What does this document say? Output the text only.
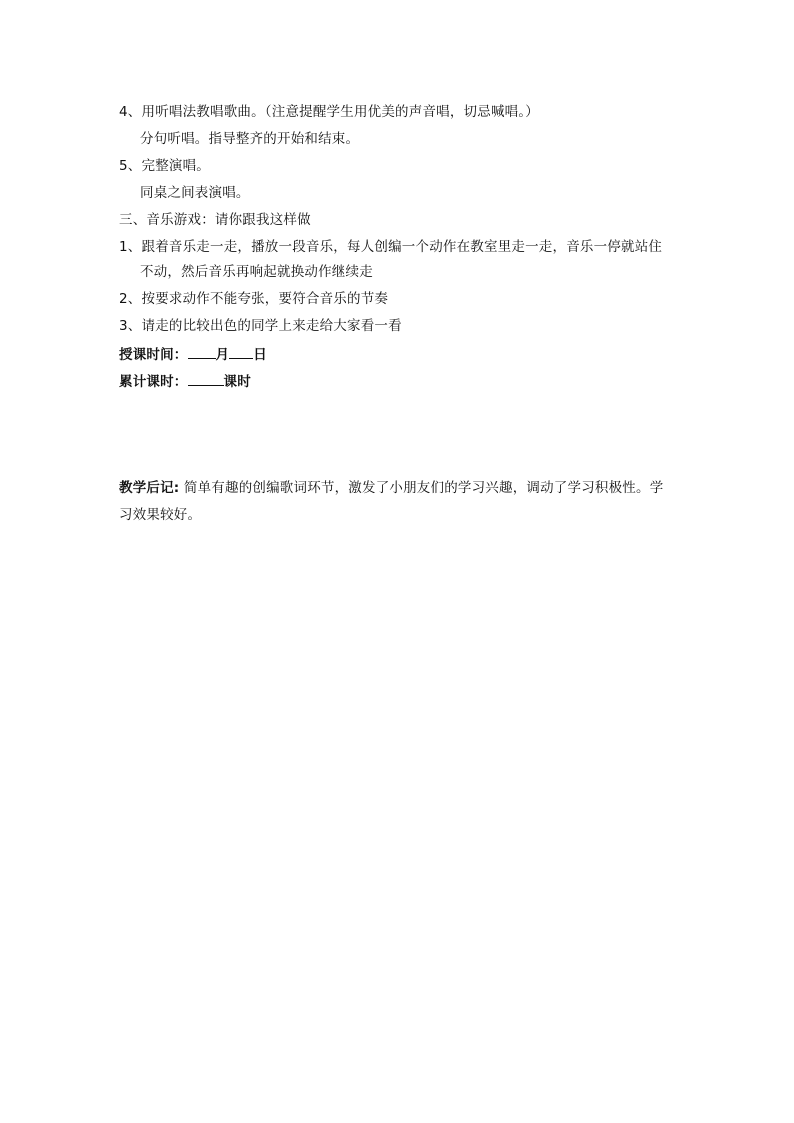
4、用听唱法教唱歌曲。（注意提醒学生用优美的声音唱，切忌喊唱。）
分句听唱。指导整齐的开始和结束。
5、完整演唱。
同桌之间表演唱。
三、音乐游戏：请你跟我这样做
1、跟着音乐走一走，播放一段音乐，每人创编一个动作在教室里走一走，音乐一停就站住
不动，然后音乐再响起就换动作继续走
2、按要求动作不能夸张，要符合音乐的节奏
3、请走的比较出色的同学上来走给大家看一看
授课时间： 月 日
累计课时：	课时
教学后记: 简单有趣的创编歌词环节，激发了小朋友们的学习兴趣，调动了学习积极性。学
习效果较好。
